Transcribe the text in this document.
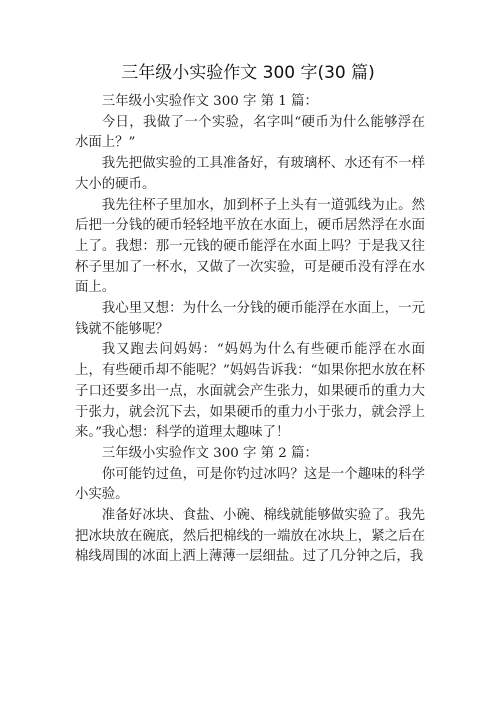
三年级小实验作文 300 字(30 篇)

三年级小实验作文 300 字 第 1 篇：

今日，我做了一个实验，名字叫“硬币为什么能够浮在水面上？”

我先把做实验的工具准备好，有玻璃杯、水还有不一样大小的硬币。

我先往杯子里加水，加到杯子上头有一道弧线为止。然后把一分钱的硬币轻轻地平放在水面上，硬币居然浮在水面上了。我想：那一元钱的硬币能浮在水面上吗？于是我又往杯子里加了一杯水，又做了一次实验，可是硬币没有浮在水面上。

我心里又想：为什么一分钱的硬币能浮在水面上，一元钱就不能够呢？

我又跑去问妈妈：“妈妈为什么有些硬币能浮在水面上，有些硬币却不能呢？”妈妈告诉我：“如果你把水放在杯子口还要多出一点，水面就会产生张力，如果硬币的重力大于张力，就会沉下去，如果硬币的重力小于张力，就会浮上来。”我心想：科学的道理太趣味了！

三年级小实验作文 300 字 第 2 篇：

你可能钓过鱼，可是你钓过冰吗？这是一个趣味的科学小实验。

准备好冰块、食盐、小碗、棉线就能够做实验了。我先把冰块放在碗底，然后把棉线的一端放在冰块上，紧之后在棉线周围的冰面上洒上薄薄一层细盐。过了几分钟之后，我
